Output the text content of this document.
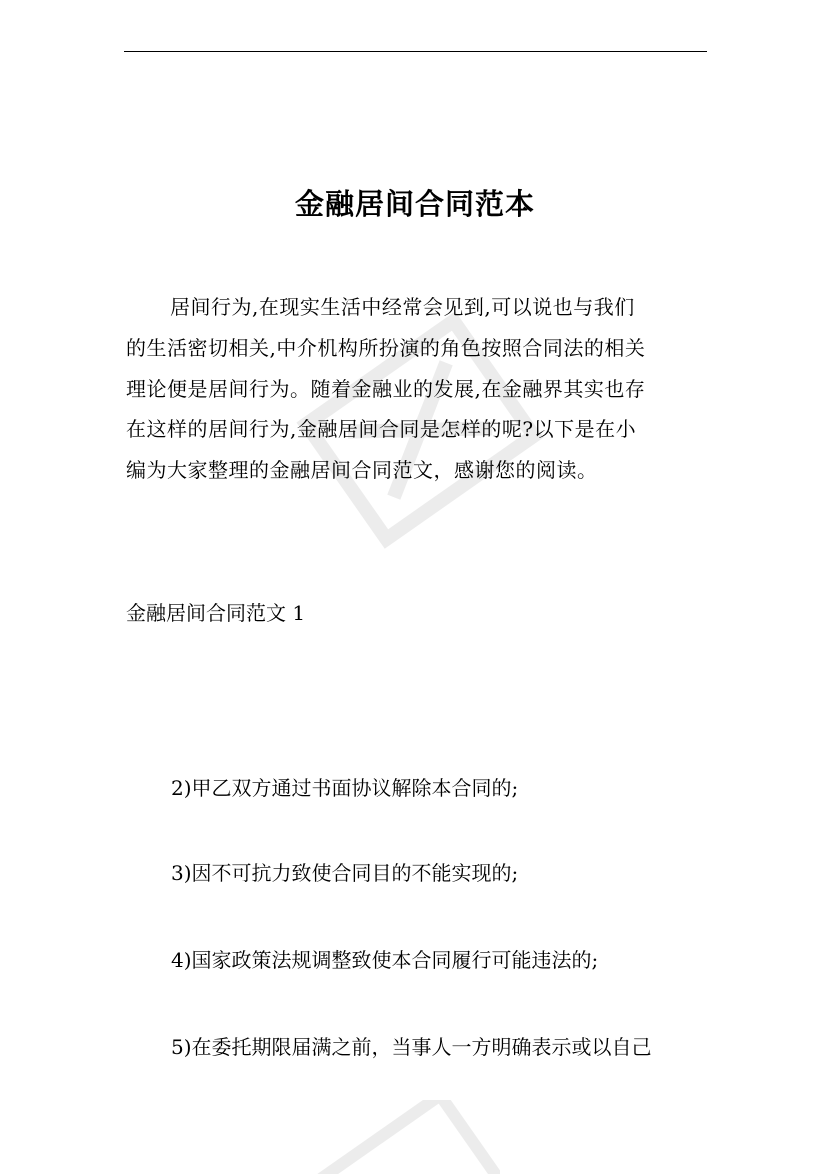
金融居间合同范本
居间行为,在现实生活中经常会见到,可以说也与我们
的生活密切相关,中介机构所扮演的角色按照合同法的相关
理论便是居间行为。随着金融业的发展,在金融界其实也存
在这样的居间行为,金融居间合同是怎样的呢?以下是在小
编为大家整理的金融居间合同范文，感谢您的阅读。
金融居间合同范文 1
2)甲乙双方通过书面协议解除本合同的;
3)因不可抗力致使合同目的不能实现的;
4)国家政策法规调整致使本合同履行可能违法的;
5)在委托期限届满之前，当事人一方明确表示或以自己
